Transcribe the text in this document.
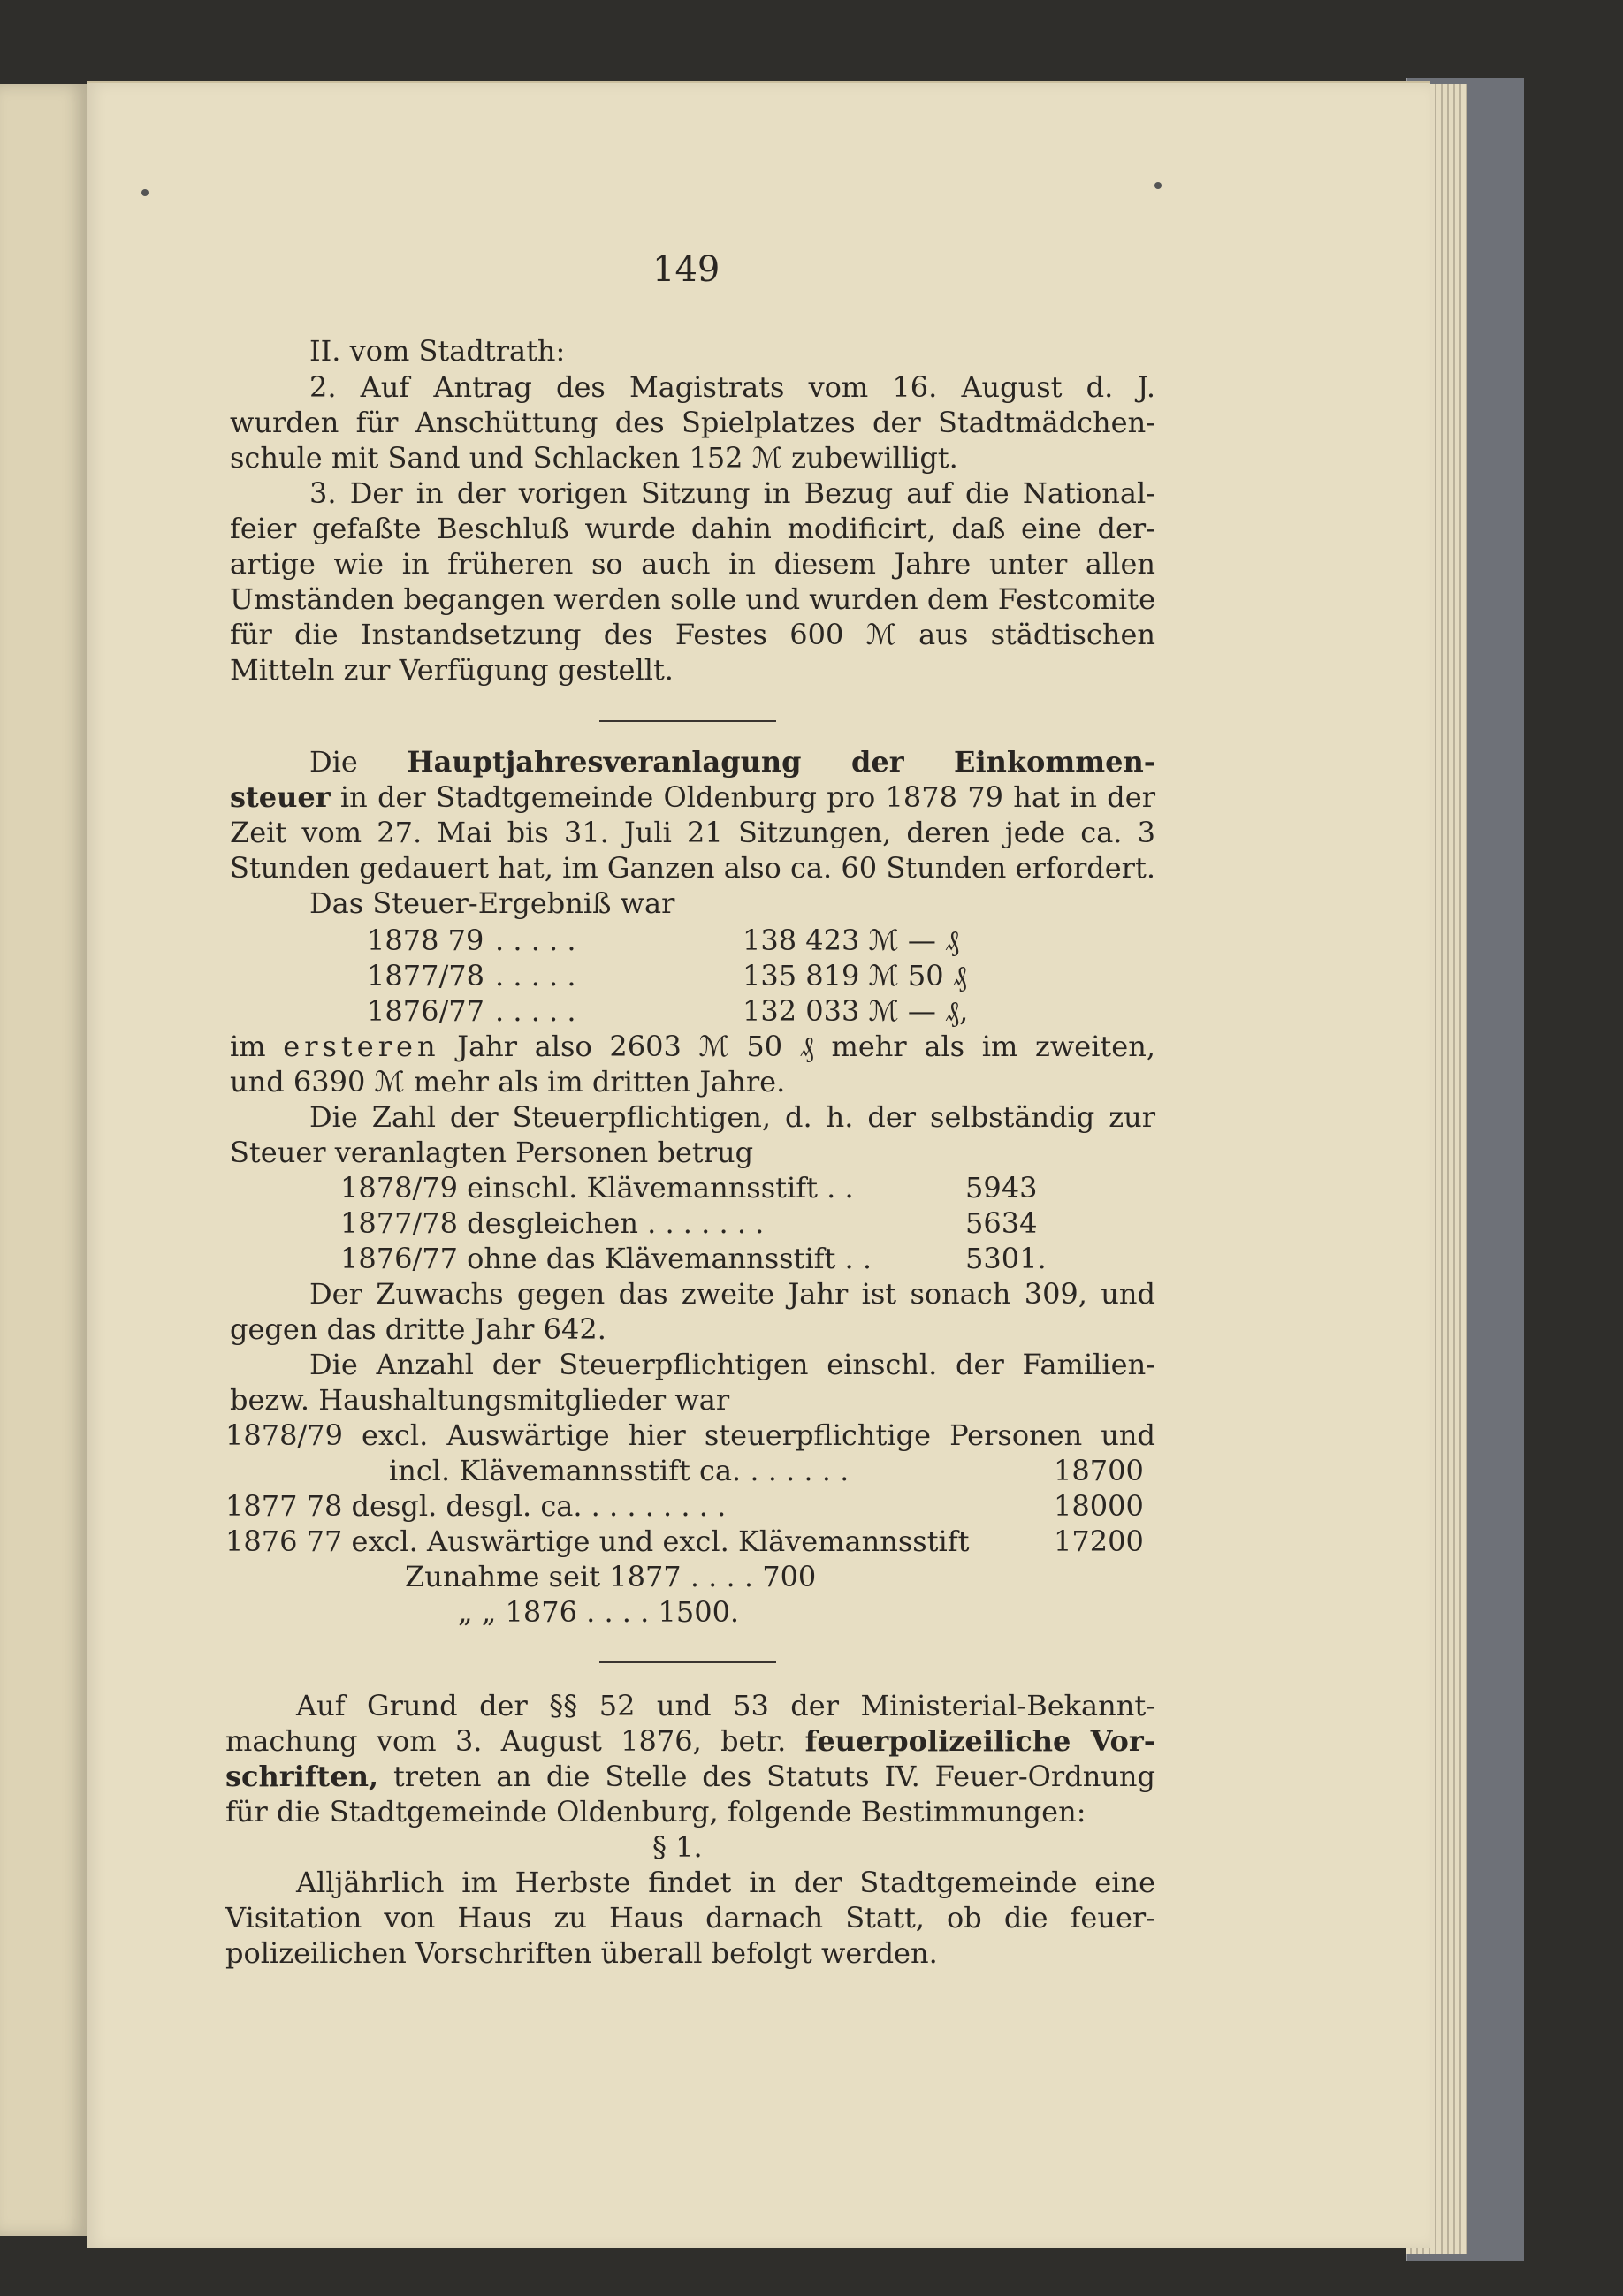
149
II. vom Stadtrath:
2. Auf Antrag des Magistrats vom 16. August d. J.
wurden für Anschüttung des Spielplatzes der Stadtmädchen-
schule mit Sand und Schlacken 152 ℳ zubewilligt.
3. Der in der vorigen Sitzung in Bezug auf die National-
feier gefaßte Beschluß wurde dahin modificirt, daß eine der-
artige wie in früheren so auch in diesem Jahre unter allen
Umständen begangen werden solle und wurden dem Festcomite
für die Instandsetzung des Festes 600 ℳ aus städtischen
Mitteln zur Verfügung gestellt.
Die Hauptjahresveranlagung der Einkommen-
steuer in der Stadtgemeinde Oldenburg pro 1878 79 hat in der
Zeit vom 27. Mai bis 31. Juli 21 Sitzungen, deren jede ca. 3
Stunden gedauert hat, im Ganzen also ca. 60 Stunden erfordert.
Das Steuer-Ergebniß war
1878 79 . . . . .	138 423 ℳ — ₰
1877/78 . . . . .	135 819 ℳ 50 ₰
1876/77 . . . . .	132 033 ℳ — ₰,
im ersteren Jahr also 2603 ℳ 50 ₰ mehr als im zweiten,
und 6390 ℳ mehr als im dritten Jahre.
Die Zahl der Steuerpflichtigen, d. h. der selbständig zur
Steuer veranlagten Personen betrug
1878/79 einschl. Klävemannsstift . .	5943
1877/78 desgleichen . . . . . . .	5634
1876/77 ohne das Klävemannsstift . .	5301.
Der Zuwachs gegen das zweite Jahr ist sonach 309, und
gegen das dritte Jahr 642.
Die Anzahl der Steuerpflichtigen einschl. der Familien-
bezw. Haushaltungsmitglieder war
1878/79 excl. Auswärtige hier steuerpflichtige Personen und
incl. Klävemannsstift ca. . . . . . .	18700
1877 78 desgl. desgl. ca. . . . . . . . .	18000
1876 77 excl. Auswärtige und excl. Klävemannsstift	17200
Zunahme seit 1877 . . . . 700
„ „ 1876 . . . . 1500.
Auf Grund der §§ 52 und 53 der Ministerial-Bekannt-
machung vom 3. August 1876, betr. feuerpolizeiliche Vor-
schriften, treten an die Stelle des Statuts IV. Feuer-Ordnung
für die Stadtgemeinde Oldenburg, folgende Bestimmungen:
§ 1.
Alljährlich im Herbste findet in der Stadtgemeinde eine
Visitation von Haus zu Haus darnach Statt, ob die feuer-
polizeilichen Vorschriften überall befolgt werden.
